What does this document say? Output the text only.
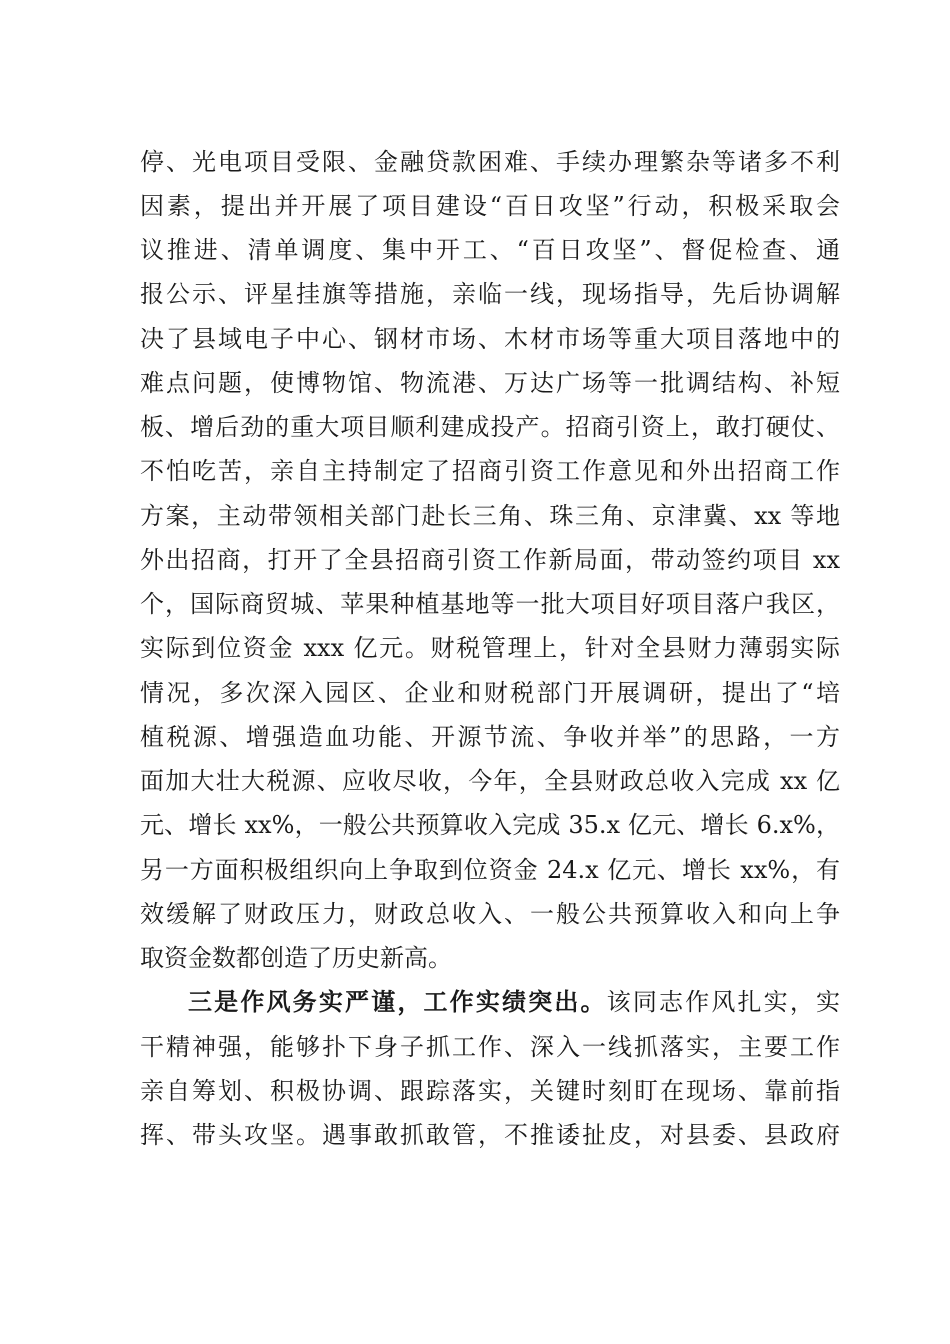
停、光电项目受限、金融贷款困难、手续办理繁杂等诸多不利
因素，提出并开展了项目建设“百日攻坚”行动，积极采取会
议推进、清单调度、集中开工、“百日攻坚”、督促检查、通
报公示、评星挂旗等措施，亲临一线，现场指导，先后协调解
决了县域电子中心、钢材市场、木材市场等重大项目落地中的
难点问题，使博物馆、物流港、万达广场等一批调结构、补短
板、增后劲的重大项目顺利建成投产。招商引资上，敢打硬仗、
不怕吃苦，亲自主持制定了招商引资工作意见和外出招商工作
方案，主动带领相关部门赴长三角、珠三角、京津冀、xx 等地
外出招商，打开了全县招商引资工作新局面，带动签约项目 xx
个，国际商贸城、苹果种植基地等一批大项目好项目落户我区，
实际到位资金 xxx 亿元。财税管理上，针对全县财力薄弱实际
情况，多次深入园区、企业和财税部门开展调研，提出了“培
植税源、增强造血功能、开源节流、争收并举”的思路，一方
面加大壮大税源、应收尽收，今年，全县财政总收入完成 xx 亿
元、增长 xx%，一般公共预算收入完成 35.x 亿元、增长 6.x%，
另一方面积极组织向上争取到位资金 24.x 亿元、增长 xx%，有
效缓解了财政压力，财政总收入、一般公共预算收入和向上争
取资金数都创造了历史新高。
三是作风务实严谨，工作实绩突出。该同志作风扎实，实
干精神强，能够扑下身子抓工作、深入一线抓落实，主要工作
亲自筹划、积极协调、跟踪落实，关键时刻盯在现场、靠前指
挥、带头攻坚。遇事敢抓敢管，不推诿扯皮，对县委、县政府
